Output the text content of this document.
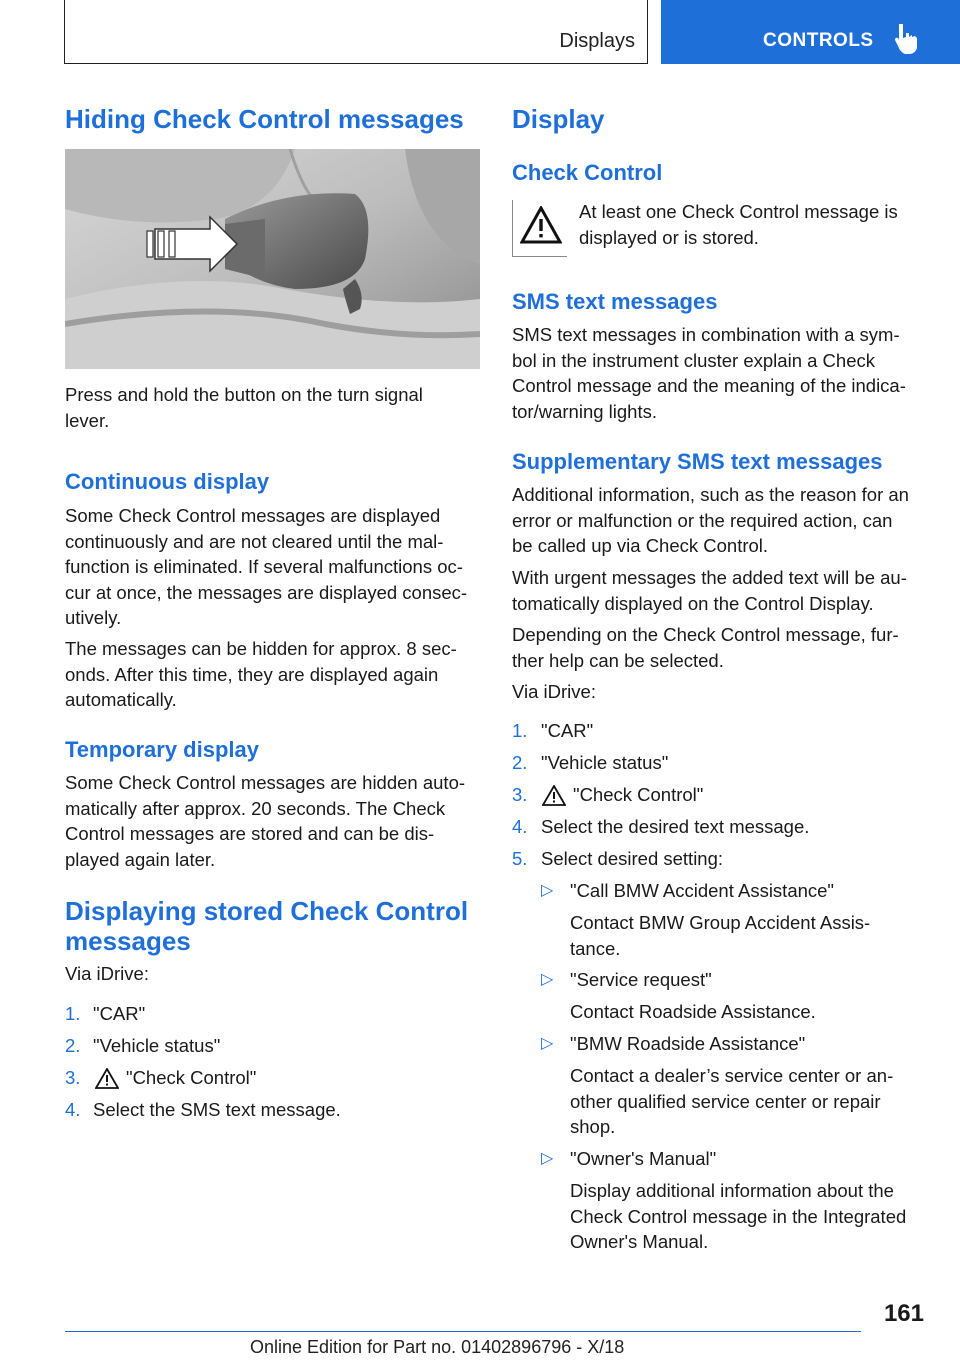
Displays	CONTROLS
Hiding Check Control messages
Press and hold the button on the turn signal
lever.
Continuous display
Some Check Control messages are displayed
continuously and are not cleared until the mal‐
function is eliminated. If several malfunctions oc‐
cur at once, the messages are displayed consec‐
utively.
The messages can be hidden for approx. 8 sec‐
onds. After this time, they are displayed again
automatically.
Temporary display
Some Check Control messages are hidden auto‐
matically after approx. 20 seconds. The Check
Control messages are stored and can be dis‐
played again later.
Displaying stored Check Control
messages
Via iDrive:
1. "CAR"
2. "Vehicle status"
3. "Check Control"
4. Select the SMS text message.
Display
Check Control
At least one Check Control message is
displayed or is stored.
SMS text messages
SMS text messages in combination with a sym‐
bol in the instrument cluster explain a Check
Control message and the meaning of the indica‐
tor/warning lights.
Supplementary SMS text messages
Additional information, such as the reason for an
error or malfunction or the required action, can
be called up via Check Control.
With urgent messages the added text will be au‐
tomatically displayed on the Control Display.
Depending on the Check Control message, fur‐
ther help can be selected.
Via iDrive:
1. "CAR"
2. "Vehicle status"
3. "Check Control"
4. Select the desired text message.
5. Select desired setting:
▷ "Call BMW Accident Assistance"
Contact BMW Group Accident Assis‐
tance.
▷ "Service request"
Contact Roadside Assistance.
▷ "BMW Roadside Assistance"
Contact a dealer’s service center or an‐
other qualified service center or repair
shop.
▷ "Owner's Manual"
Display additional information about the
Check Control message in the Integrated
Owner's Manual.
161
Online Edition for Part no. 01402896796 - X/18
